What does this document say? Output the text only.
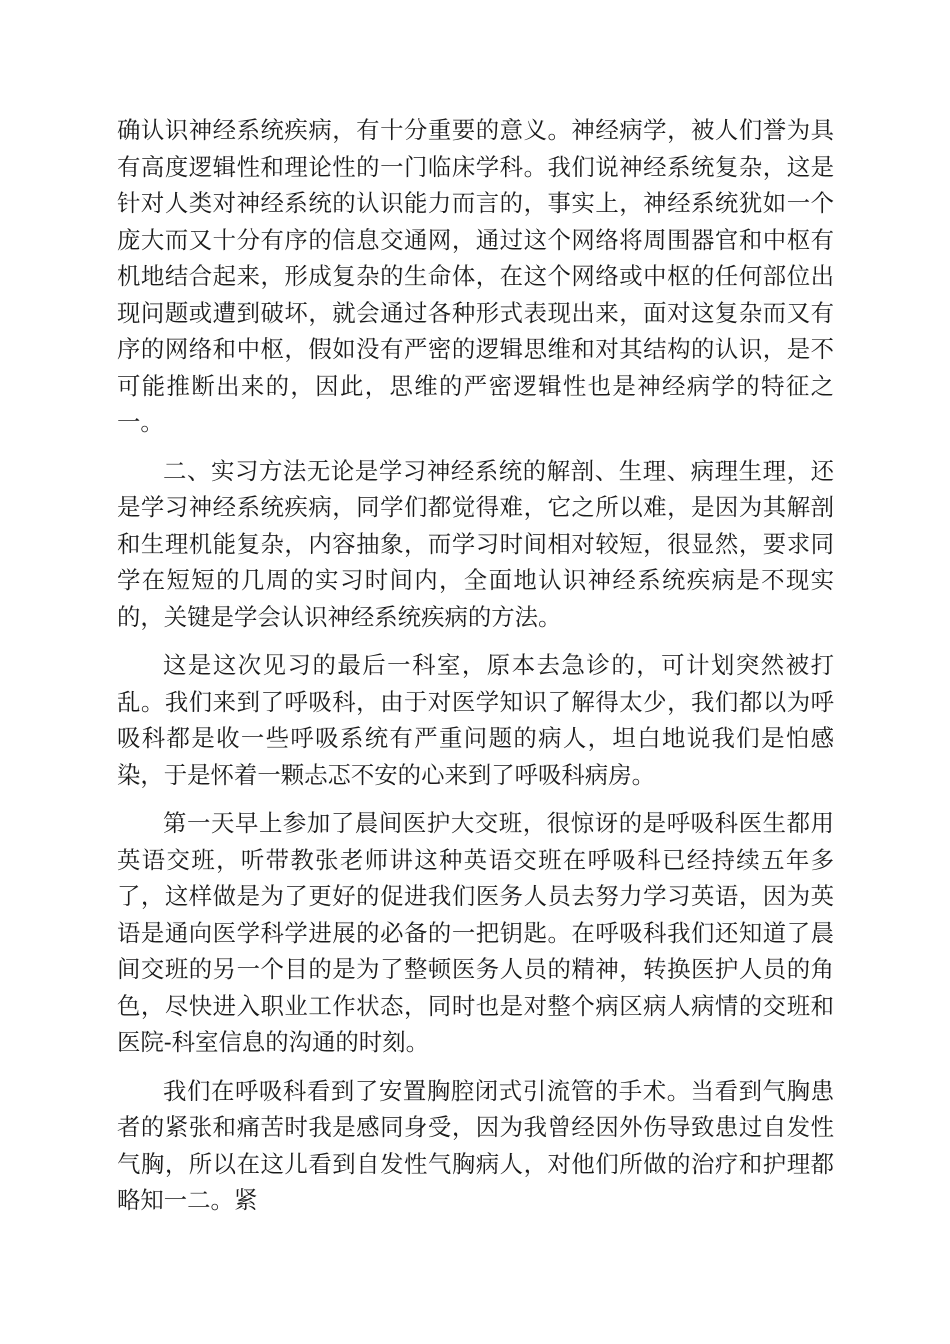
确认识神经系统疾病，有十分重要的意义。神经病学，被人们誉为具有高度逻辑性和理论性的一门临床学科。我们说神经系统复杂，这是针对人类对神经系统的认识能力而言的，事实上，神经系统犹如一个庞大而又十分有序的信息交通网，通过这个网络将周围器官和中枢有机地结合起来，形成复杂的生命体，在这个网络或中枢的任何部位出现问题或遭到破坏，就会通过各种形式表现出来，面对这复杂而又有序的网络和中枢，假如没有严密的逻辑思维和对其结构的认识，是不可能推断出来的，因此，思维的严密逻辑性也是神经病学的特征之一。

二、实习方法无论是学习神经系统的解剖、生理、病理生理，还是学习神经系统疾病，同学们都觉得难，它之所以难，是因为其解剖和生理机能复杂，内容抽象，而学习时间相对较短，很显然，要求同学在短短的几周的实习时间内，全面地认识神经系统疾病是不现实的，关键是学会认识神经系统疾病的方法。

这是这次见习的最后一科室，原本去急诊的，可计划突然被打乱。我们来到了呼吸科，由于对医学知识了解得太少，我们都以为呼吸科都是收一些呼吸系统有严重问题的病人，坦白地说我们是怕感染，于是怀着一颗忐忑不安的心来到了呼吸科病房。

第一天早上参加了晨间医护大交班，很惊讶的是呼吸科医生都用英语交班，听带教张老师讲这种英语交班在呼吸科已经持续五年多了，这样做是为了更好的促进我们医务人员去努力学习英语，因为英语是通向医学科学进展的必备的一把钥匙。在呼吸科我们还知道了晨间交班的另一个目的是为了整顿医务人员的精神，转换医护人员的角色，尽快进入职业工作状态，同时也是对整个病区病人病情的交班和医院-科室信息的沟通的时刻。

我们在呼吸科看到了安置胸腔闭式引流管的手术。当看到气胸患者的紧张和痛苦时我是感同身受，因为我曾经因外伤导致患过自发性气胸，所以在这儿看到自发性气胸病人，对他们所做的治疗和护理都略知一二。紧
